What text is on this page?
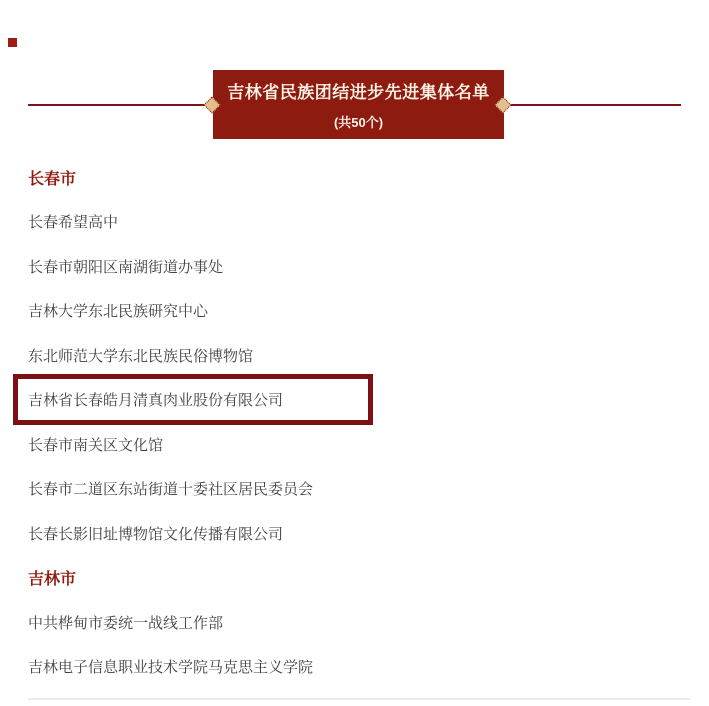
吉林省民族团结进步先进集体名单
(共50个)
长春市
长春希望高中
长春市朝阳区南湖街道办事处
吉林大学东北民族研究中心
东北师范大学东北民族民俗博物馆
吉林省长春皓月清真肉业股份有限公司
长春市南关区文化馆
长春市二道区东站街道十委社区居民委员会
长春长影旧址博物馆文化传播有限公司
吉林市
中共桦甸市委统一战线工作部
吉林电子信息职业技术学院马克思主义学院
